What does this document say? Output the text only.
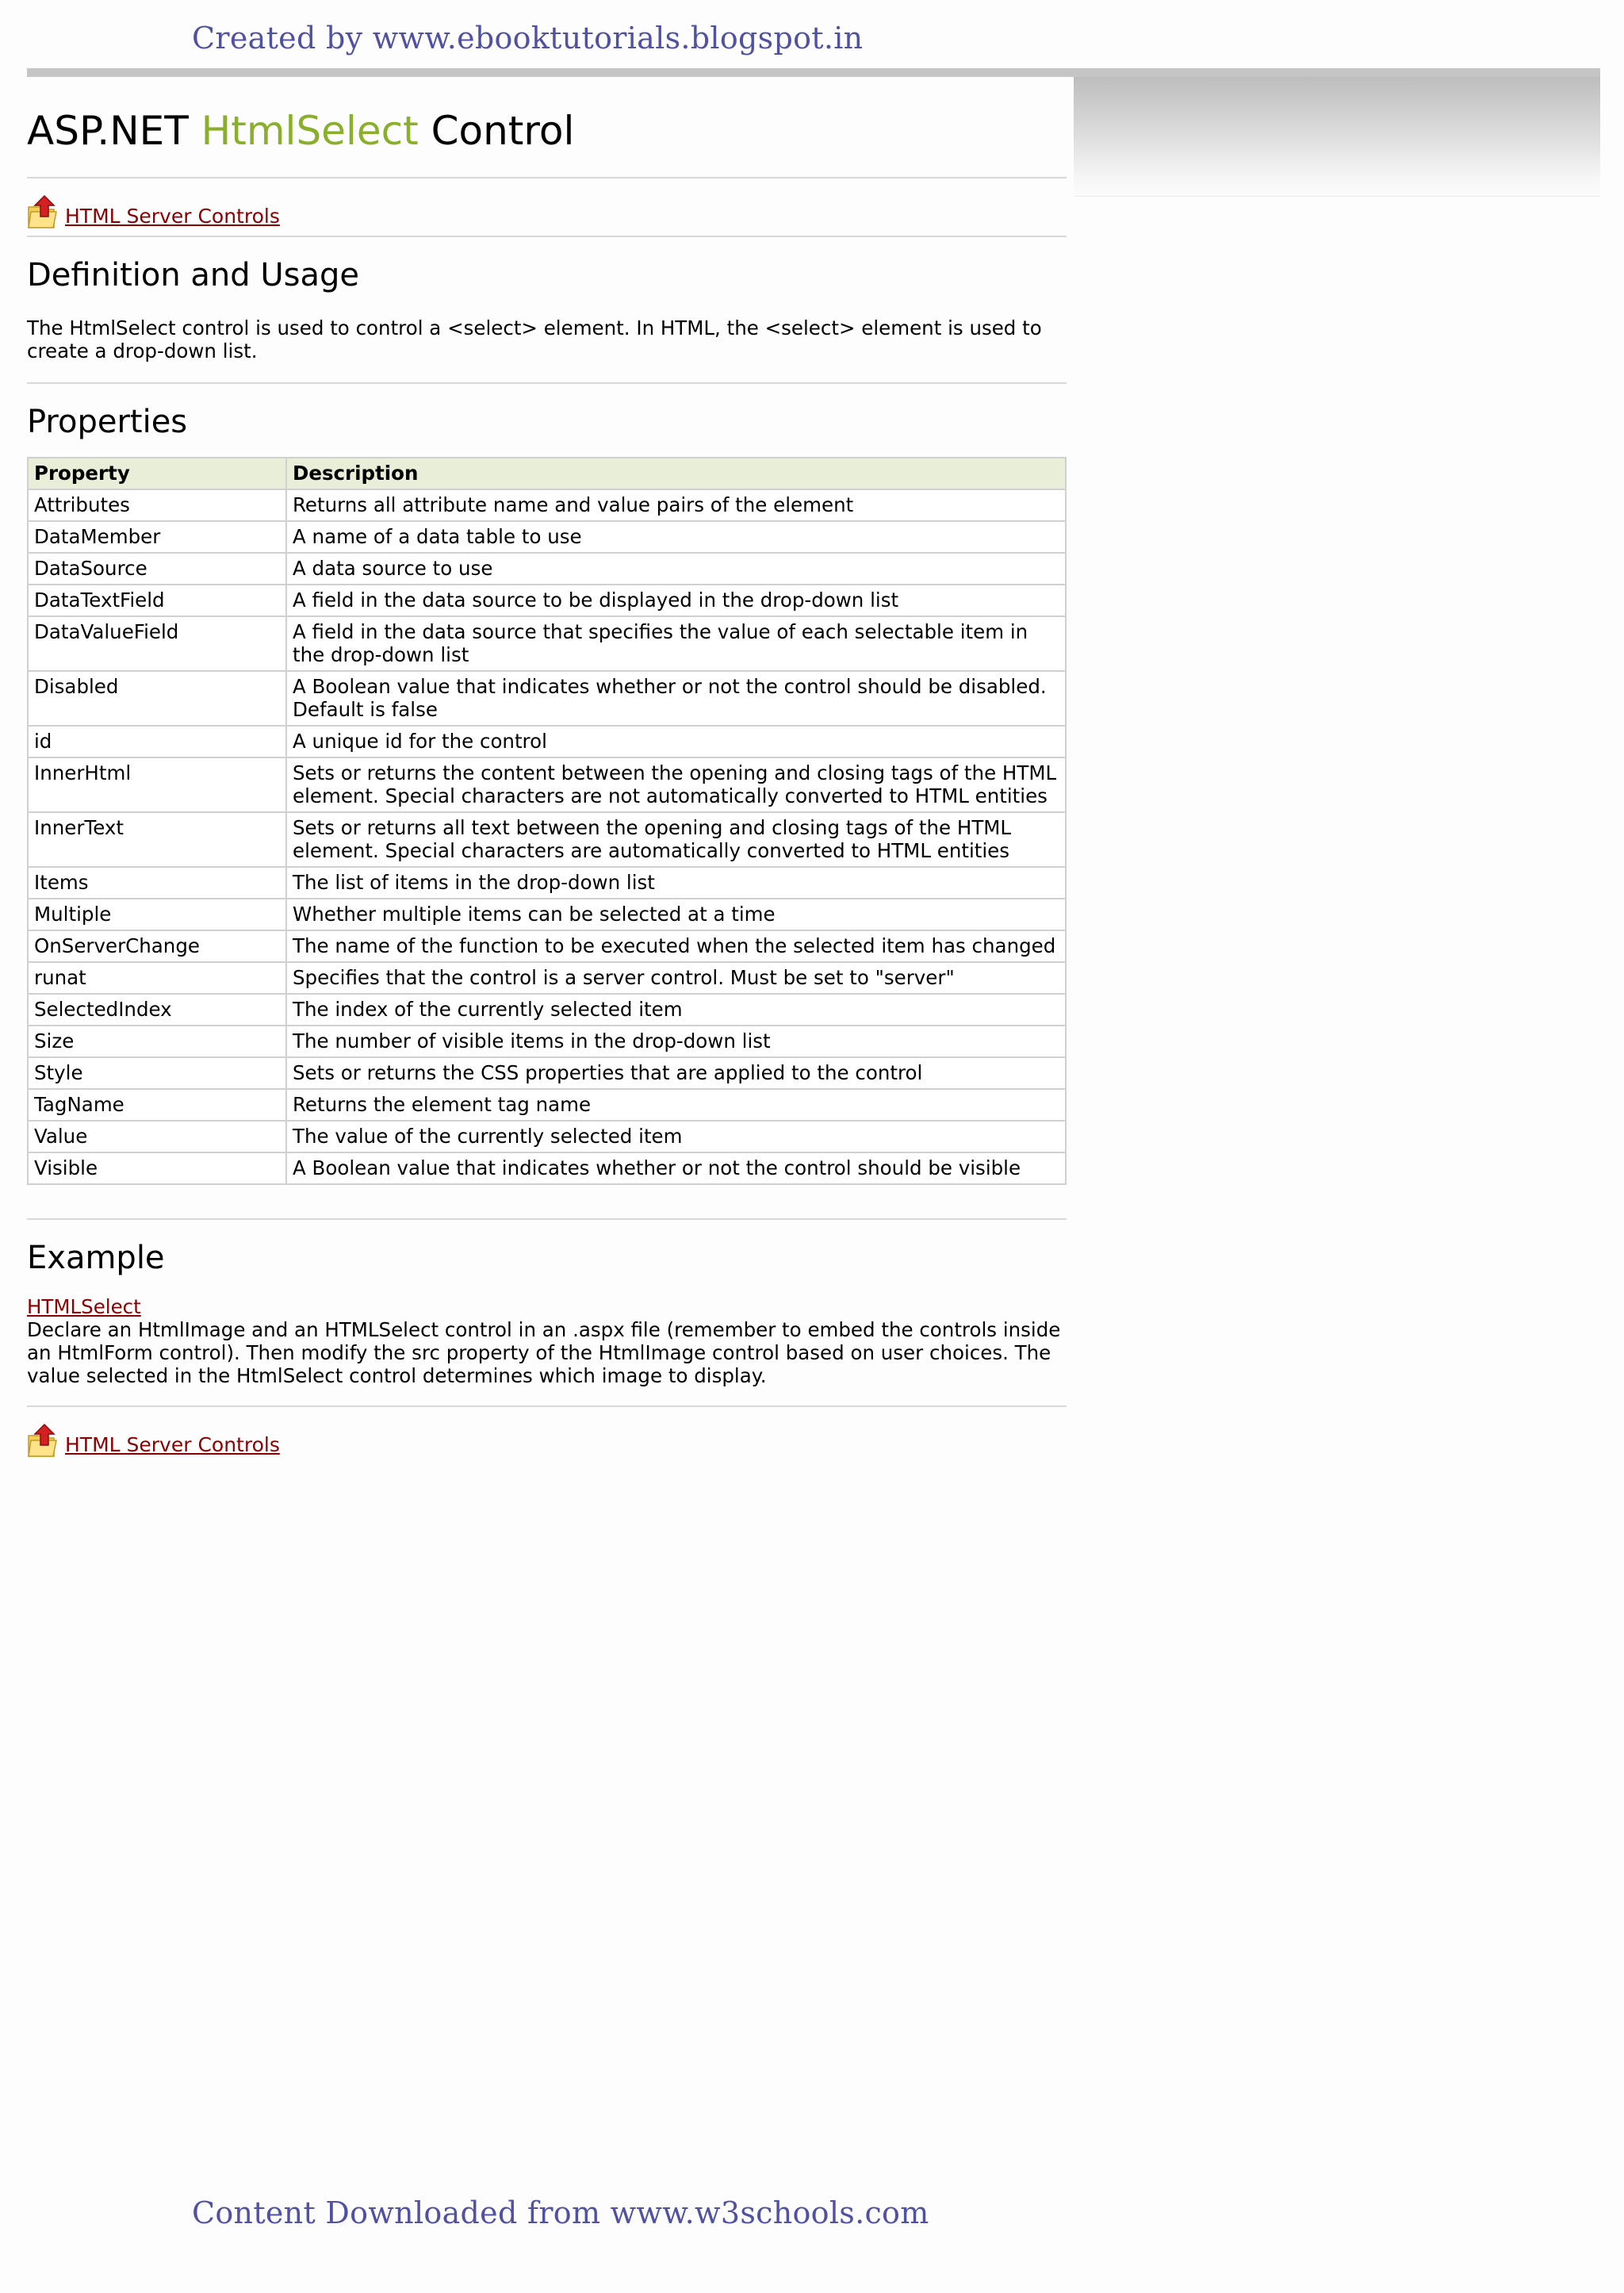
Created by www.ebooktutorials.blogspot.in
ASP.NET HtmlSelect Control
HTML Server Controls
Definition and Usage

The HtmlSelect control is used to control a <select> element. In HTML, the <select> element is used to create a drop-down list.

Properties
Property	Description
Attributes	Returns all attribute name and value pairs of the element
DataMember	A name of a data table to use
DataSource	A data source to use
DataTextField	A field in the data source to be displayed in the drop-down list
DataValueField	A field in the data source that specifies the value of each selectable item in the drop-down list
Disabled	A Boolean value that indicates whether or not the control should be disabled. Default is false
id	A unique id for the control
InnerHtml	Sets or returns the content between the opening and closing tags of the HTML element. Special characters are not automatically converted to HTML entities
InnerText	Sets or returns all text between the opening and closing tags of the HTML element. Special characters are automatically converted to HTML entities
Items	The list of items in the drop-down list
Multiple	Whether multiple items can be selected at a time
OnServerChange	The name of the function to be executed when the selected item has changed
runat	Specifies that the control is a server control. Must be set to "server"
SelectedIndex	The index of the currently selected item
Size	The number of visible items in the drop-down list
Style	Sets or returns the CSS properties that are applied to the control
TagName	Returns the element tag name
Value	The value of the currently selected item
Visible	A Boolean value that indicates whether or not the control should be visible
Example
HTMLSelect

Declare an HtmlImage and an HTMLSelect control in an .aspx file (remember to embed the controls inside an HtmlForm control). Then modify the src property of the HtmlImage control based on user choices. The value selected in the HtmlSelect control determines which image to display.

HTML Server Controls
Content Downloaded from www.w3schools.com
